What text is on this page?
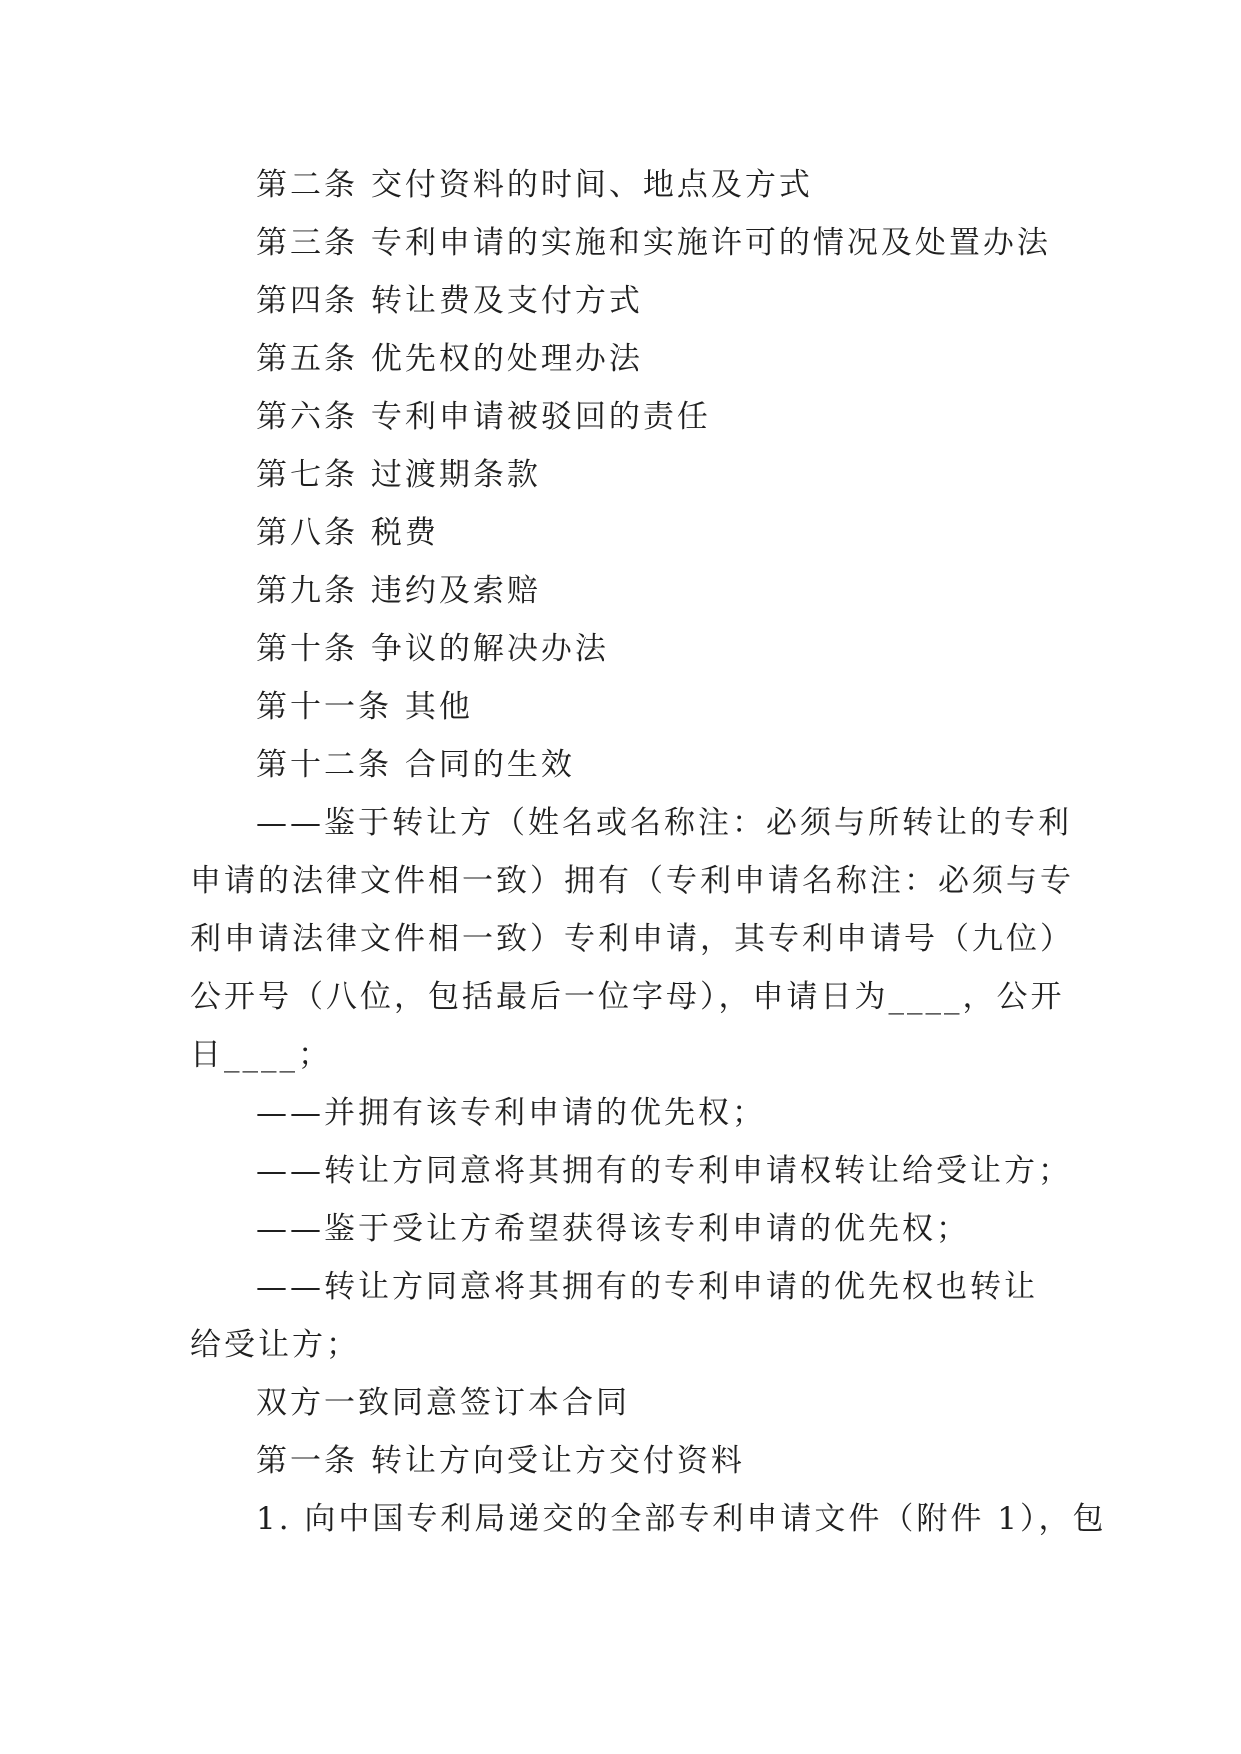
第二条 交付资料的时间、地点及方式
第三条 专利申请的实施和实施许可的情况及处置办法
第四条 转让费及支付方式
第五条 优先权的处理办法
第六条 专利申请被驳回的责任
第七条 过渡期条款
第八条 税费
第九条 违约及索赔
第十条 争议的解决办法
第十一条 其他
第十二条 合同的生效
——鉴于转让方（姓名或名称注：必须与所转让的专利
申请的法律文件相一致）拥有（专利申请名称注：必须与专
利申请法律文件相一致）专利申请，其专利申请号（九位）
公开号（八位，包括最后一位字母），申请日为____，公开
日____；
——并拥有该专利申请的优先权；
——转让方同意将其拥有的专利申请权转让给受让方；
——鉴于受让方希望获得该专利申请的优先权；
——转让方同意将其拥有的专利申请的优先权也转让
给受让方；
双方一致同意签订本合同
第一条 转让方向受让方交付资料
1. 向中国专利局递交的全部专利申请文件（附件 1），包
